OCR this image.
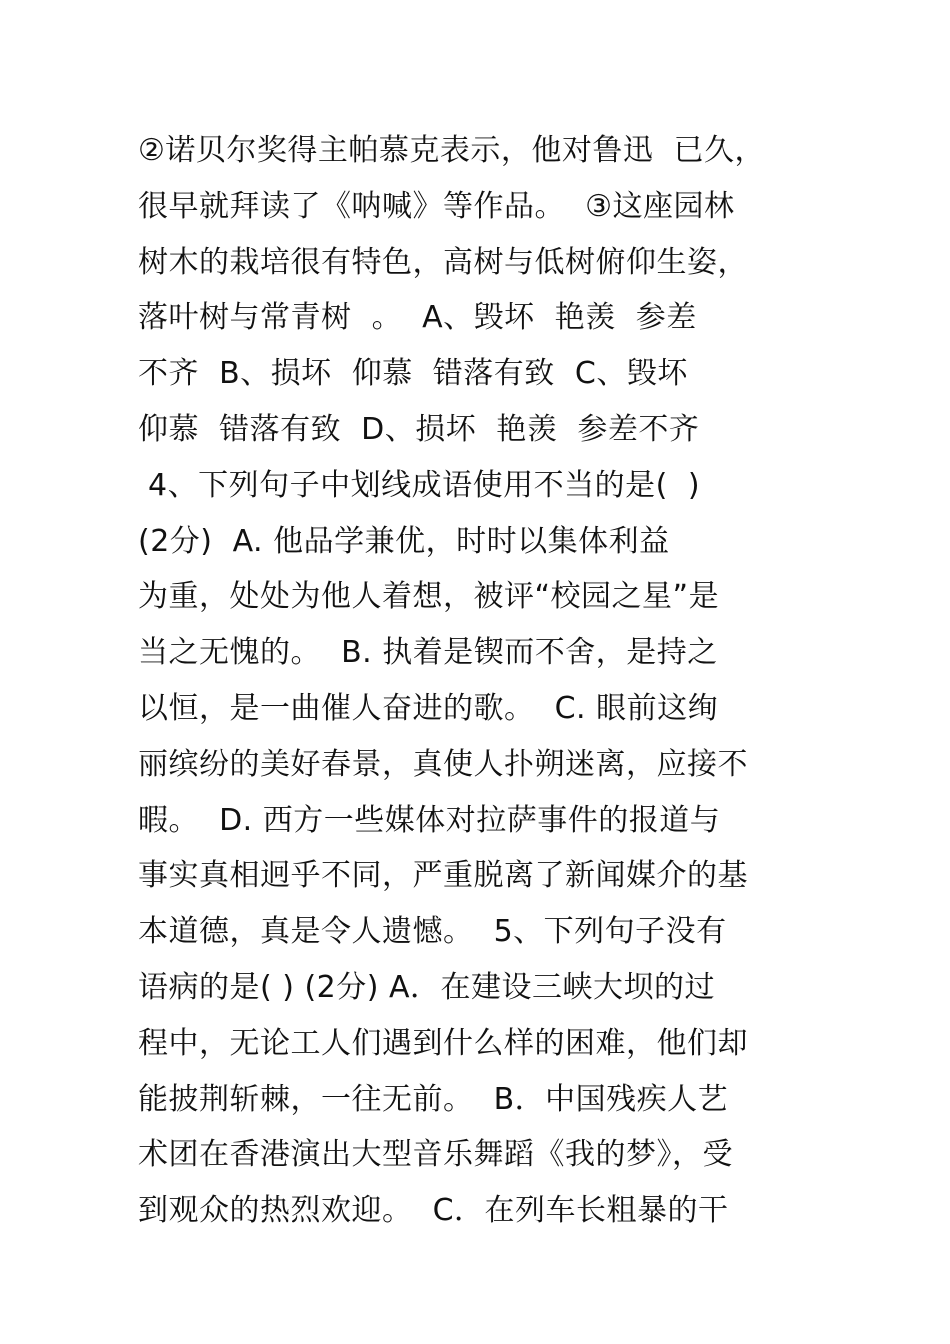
②诺贝尔奖得主帕慕克表示，他对鲁迅  已久，
很早就拜读了《呐喊》等作品。  ③这座园林
树木的栽培很有特色，高树与低树俯仰生姿，
落叶树与常青树  。  A、毁坏  艳羡  参差
不齐  B、损坏  仰慕  错落有致  C、毁坏
仰慕  错落有致  D、损坏  艳羡  参差不齐
4、下列句子中划线成语使用不当的是(  )
(2分)  A. 他品学兼优，时时以集体利益
为重，处处为他人着想，被评“校园之星”是
当之无愧的。  B. 执着是锲而不舍，是持之
以恒，是一曲催人奋进的歌。  C. 眼前这绚
丽缤纷的美好春景，真使人扑朔迷离，应接不
暇。  D. 西方一些媒体对拉萨事件的报道与
事实真相迥乎不同，严重脱离了新闻媒介的基
本道德，真是令人遗憾。  5、下列句子没有
语病的是( ) (2分) A．在建设三峡大坝的过
程中，无论工人们遇到什么样的困难，他们却
能披荆斩棘，一往无前。  B．中国残疾人艺
术团在香港演出大型音乐舞蹈《我的梦》，受
到观众的热烈欢迎。  C．在列车长粗暴的干
